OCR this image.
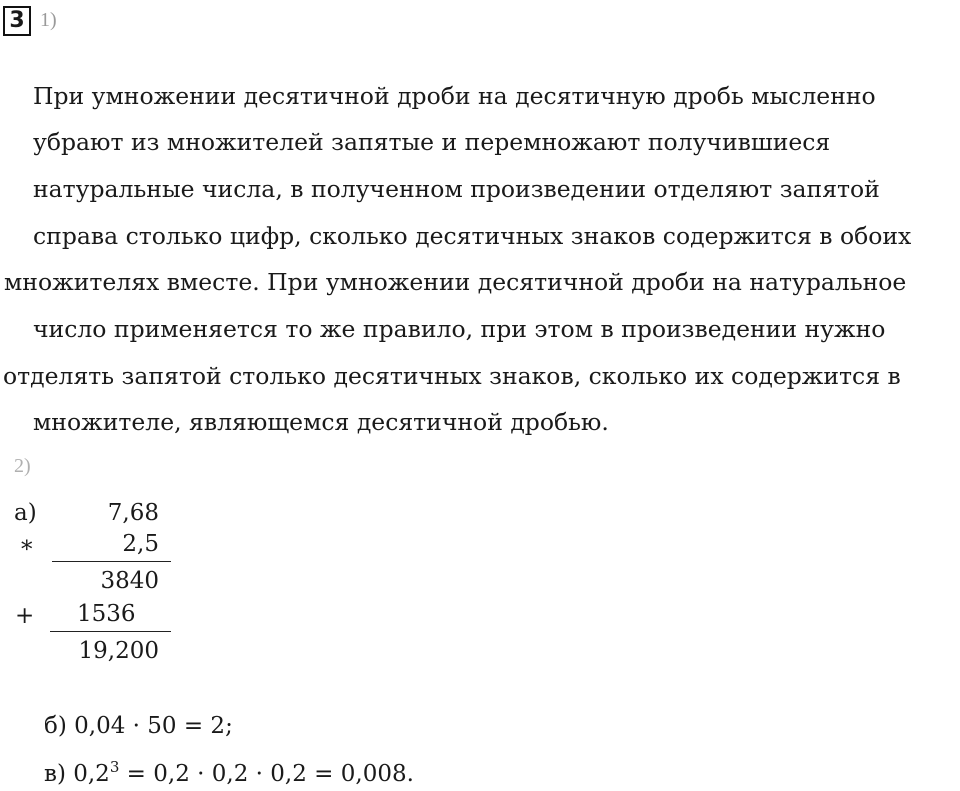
3 1)
При умножении десятичной дроби на десятичную дробь мысленно
убрают из множителей запятые и перемножают получившиеся
натуральные числа, в полученном произведении отделяют запятой
справа столько цифр, сколько десятичных знаков содержится в обоих
множителях вместе. При умножении десятичной дроби на натуральное
число применяется то же правило, при этом в произведении нужно
отделять запятой столько десятичных знаков, сколько их содержится в
множителе, являющемся десятичной дробью.
2)
а)	7,68
*	2,5
3840
+ 1536
19,200
б) 0,04 · 50 = 2;
в) $0,2^3 = 0,2 \cdot 0,2 \cdot 0,2 = 0,008$.
